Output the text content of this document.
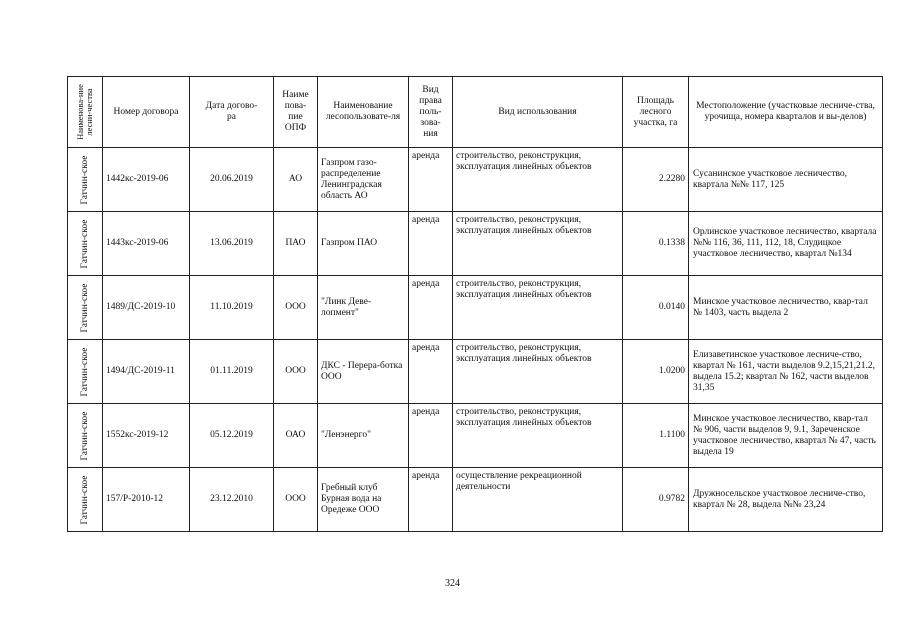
Наименова-ние лесни-чества	Номер договора	Дата догово-ра	Наиме пова-пие ОПФ	Наименование лесопользовате-ля	Вид права поль-зова-ния	Вид использования	Площадь лесного участка, га	Местоположение (участковые лесниче-ства, урочища, номера кварталов и вы-делов)

Гатчин-ское	1442кс-2019-06	20.06.2019	АО	Газпром газо-распределение Ленинградская область АО	аренда	строительство, реконструкция, эксплуатация линейных объектов	2.2280	Сусанинское участковое лесничество, квартала №№ 117, 125

Гатчин-ское	1443кс-2019-06	13.06.2019	ПАО	Газпром ПАО	аренда	строительство, реконструкция, эксплуатация линейных объектов	0.1338	Орлинское участковое лесничество, квартала №№ 116, 36, 111, 112, 18, Слудицкое участковое лесничество, квартал №134

Гатчин-ское	1489/ДС-2019-10	11.10.2019	ООО	"Линк Деве-лопмент"	аренда	строительство, реконструкция, эксплуатация линейных объектов	0.0140	Минское участковое лесничество, квар-тал № 1403, часть выдела 2

Гатчин-ское	1494/ДС-2019-11	01.11.2019	ООО	ДКС - Перера-ботка ООО	аренда	строительство, реконструкция, эксплуатация линейных объектов	1.0200	Елизаветинское участковое лесниче-ство, квартал № 161, части выделов 9.2,15,21,21.2, выдела 15.2; квартал № 162, части выделов 31,35

Гатчин-ское	1552кс-2019-12	05.12.2019	ОАО	"Ленэнерго"	аренда	строительство, реконструкция, эксплуатация линейных объектов	1.1100	Минское участковое лесничество, квар-тал № 906, части выделов 9, 9.1, Зареченское участковое лесничество, квартал № 47, часть выдела 19

Гатчин-ское	157/Р-2010-12	23.12.2010	ООО	Гребный клуб Бурная вода на Оредеже ООО	аренда	осуществление рекреационной деятельности	0.9782	Дружносельское участковое лесниче-ство, квартал № 28, выдела №№ 23,24
324
